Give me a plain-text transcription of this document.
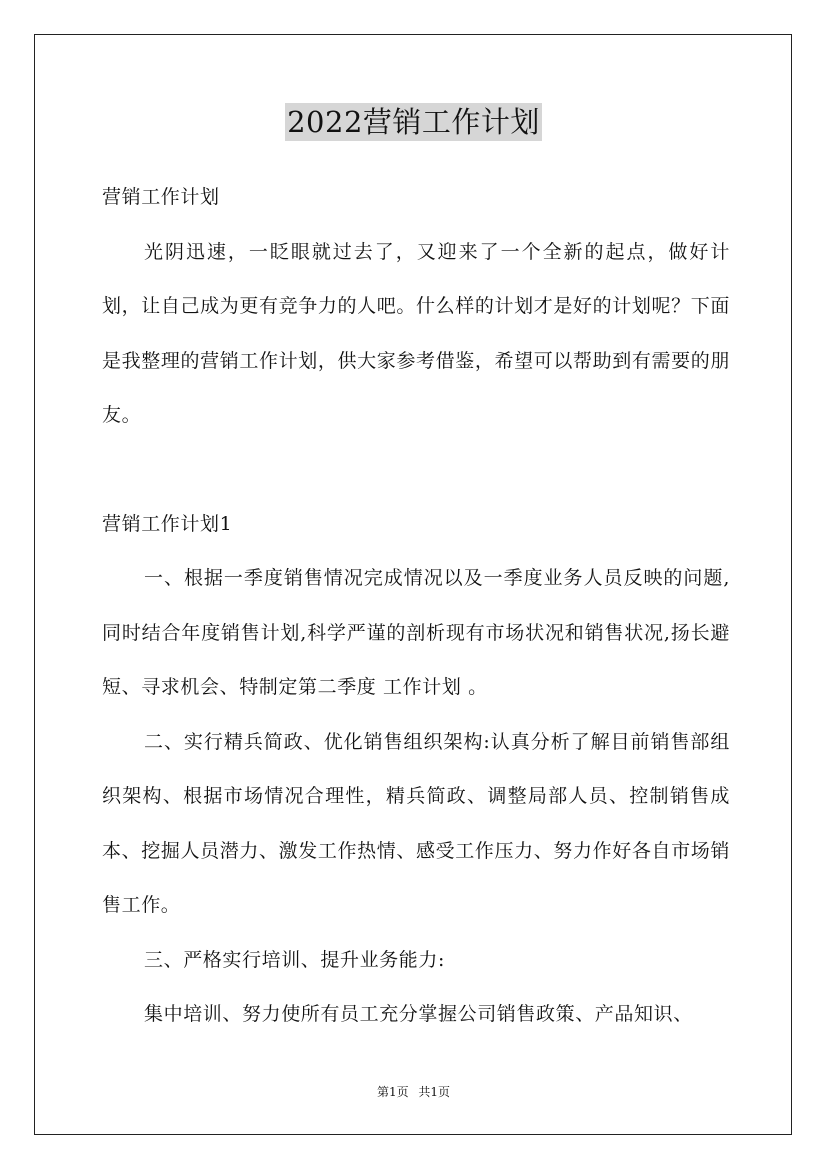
2022营销工作计划

营销工作计划

光阴迅速，一眨眼就过去了，又迎来了一个全新的起点，做好计划，让自己成为更有竞争力的人吧。什么样的计划才是好的计划呢？下面是我整理的营销工作计划，供大家参考借鉴，希望可以帮助到有需要的朋友。

营销工作计划1

一、根据一季度销售情况完成情况以及一季度业务人员反映的问题,同时结合年度销售计划,科学严谨的剖析现有市场状况和销售状况,扬长避短、寻求机会、特制定第二季度 工作计划 。

二、实行精兵简政、优化销售组织架构:认真分析了解目前销售部组织架构、根据市场情况合理性，精兵简政、调整局部人员、控制销售成本、挖掘人员潜力、激发工作热情、感受工作压力、努力作好各自市场销售工作。

三、严格实行培训、提升业务能力:

集中培训、努力使所有员工充分掌握公司销售政策、产品知识、

第1页 共1页
